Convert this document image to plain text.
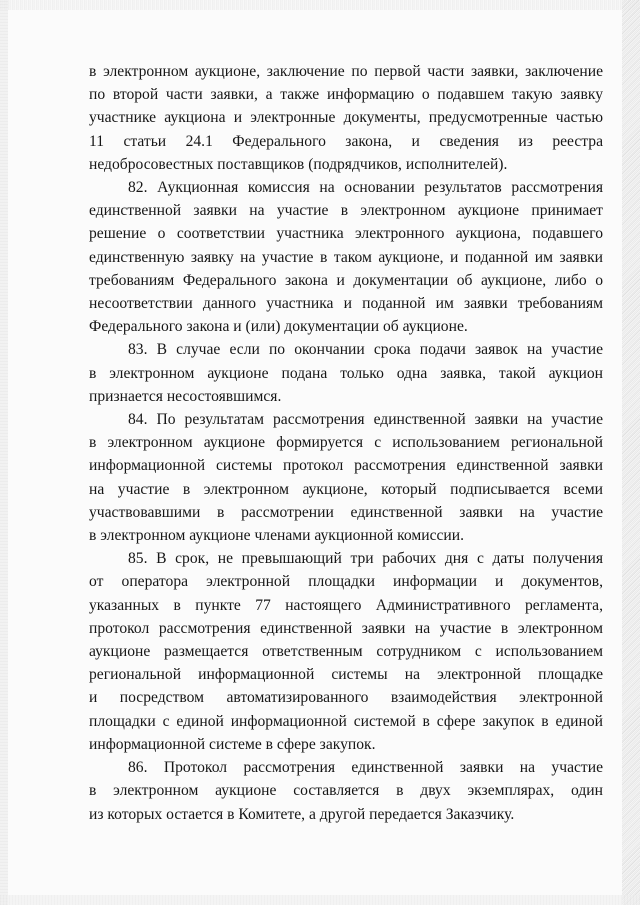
в электронном аукционе, заключение по первой части заявки, заключение
по второй части заявки, а также информацию о подавшем такую заявку
участнике аукциона и электронные документы, предусмотренные частью
11 статьи 24.1 Федерального закона, и сведения из реестра
недобросовестных поставщиков (подрядчиков, исполнителей).

82. Аукционная комиссия на основании результатов рассмотрения
единственной заявки на участие в электронном аукционе принимает
решение о соответствии участника электронного аукциона, подавшего
единственную заявку на участие в таком аукционе, и поданной им заявки
требованиям Федерального закона и документации об аукционе, либо о
несоответствии данного участника и поданной им заявки требованиям
Федерального закона и (или) документации об аукционе.

83. В случае если по окончании срока подачи заявок на участие
в электронном аукционе подана только одна заявка, такой аукцион
признается несостоявшимся.

84. По результатам рассмотрения единственной заявки на участие
в электронном аукционе формируется с использованием региональной
информационной системы протокол рассмотрения единственной заявки
на участие в электронном аукционе, который подписывается всеми
участвовавшими в рассмотрении единственной заявки на участие
в электронном аукционе членами аукционной комиссии.

85. В срок, не превышающий три рабочих дня с даты получения
от оператора электронной площадки информации и документов,
указанных в пункте 77 настоящего Административного регламента,
протокол рассмотрения единственной заявки на участие в электронном
аукционе размещается ответственным сотрудником с использованием
региональной информационной системы на электронной площадке
и посредством автоматизированного взаимодействия электронной
площадки с единой информационной системой в сфере закупок в единой
информационной системе в сфере закупок.

86. Протокол рассмотрения единственной заявки на участие
в электронном аукционе составляется в двух экземплярах, один
из которых остается в Комитете, а другой передается Заказчику.
